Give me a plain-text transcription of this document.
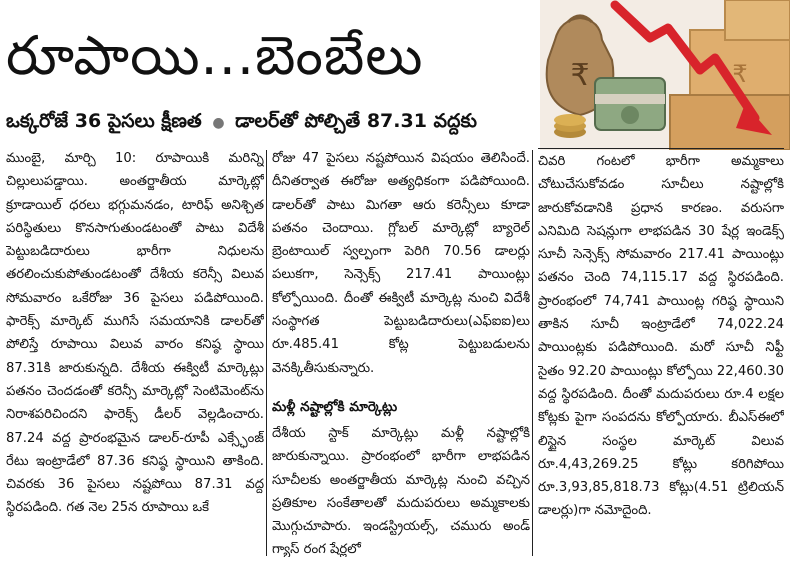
రూపాయి...బెంబేలు	₹	₹
ఒక్కరోజే 36 పైసలు క్షీణత ● డాలర్‌తో పోల్చితే 87.31 వద్దకు

ముంబై, మార్చి 10: రూపాయికి మరిన్ని చిల్లులుపడ్డాయి. అంతర్జాతీయ మార్కెట్లో క్రూడాయిల్ ధరలు భగ్గుమనడం, టారిఫ్ అనిశ్చిత పరిస్థితులు కొనసాగుతుండటంతో పాటు విదేశీ పెట్టుబడిదారులు భారీగా నిధులను తరలించుకుపోతుండటంతో దేశీయ కరెన్సీ విలువ సోమవారం ఒకేరోజు 36 పైసలు పడిపోయింది. ఫారెక్స్ మార్కెట్ ముగిసే సమయానికి డాలర్‌తో పోలిస్తే రూపాయి విలువ వారం కనిష్ఠ స్థాయి 87.31కి జారుకున్నది. దేశీయ ఈక్విటీ మార్కెట్లు పతనం చెందడంతో కరెన్సీ మార్కెట్లో సెంటిమెంట్‌ను నిరాశపరిచిందని ఫారెక్స్ డీలర్ వెల్లడించారు. 87.24 వద్ద ప్రారంభమైన డాలర్-రూపీ ఎక్స్ఛేంజ్ రేటు ఇంట్రాడేలో 87.36 కనిష్ఠ స్థాయిని తాకింది. చివరకు 36 పైసలు నష్టపోయి 87.31 వద్ద స్థిరపడింది. గత నెల 25న రూపాయి ఒకే

రోజు 47 పైసలు నష్టపోయిన విషయం తెలిసిందే. దీనితర్వాత ఈరోజు అత్యధికంగా పడిపోయింది. డాలర్‌తో పాటు మిగతా ఆరు కరెన్సీలు కూడా పతనం చెందాయి. గ్లోబల్ మార్కెట్లో బ్యారెల్ బ్రెంటాయిల్ స్వల్పంగా పెరిగి 70.56 డాలర్లు పలుకగా, సెన్సెక్స్ 217.41 పాయింట్లు కోల్పోయింది. దీంతో ఈక్విటీ మార్కెట్ల నుంచి విదేశీ సంస్థాగత పెట్టుబడిదారులు(ఎఫ్ఐఐ)లు రూ.485.41 కోట్ల పెట్టుబడులను వెనక్కితీసుకున్నారు.

మళ్లీ నష్టాల్లోకి మార్కెట్లు

దేశీయ స్టాక్ మార్కెట్లు మళ్లీ నష్టాల్లోకి జారుకున్నాయి. ప్రారంభంలో భారీగా లాభపడిన సూచీలకు అంతర్జాతీయ మార్కెట్ల నుంచి వచ్చిన ప్రతికూల సంకేతాలతో మదుపరులు అమ్మకాలకు మొగ్గుచూపారు. ఇండస్ట్రియల్స్, చమురు అండ్ గ్యాస్ రంగ షేర్లలో

చివరి గంటలో భారీగా అమ్మకాలు చోటుచేసుకోవడం సూచీలు నష్టాల్లోకి జారుకోవడానికి ప్రధాన కారణం. వరుసగా ఎనిమిది సెషన్లుగా లాభపడిన 30 షేర్ల ఇండెక్స్ సూచీ సెన్సెక్స్ సోమవారం 217.41 పాయింట్లు పతనం చెంది 74,115.17 వద్ద స్థిరపడింది. ప్రారంభంలో 74,741 పాయింట్ల గరిష్ఠ స్థాయిని తాకిన సూచీ ఇంట్రాడేలో 74,022.24 పాయింట్లకు పడిపోయింది. మరో సూచీ నిఫ్టీ సైతం 92.20 పాయింట్లు కోల్పోయి 22,460.30 వద్ద స్థిరపడింది. దీంతో మదుపరులు రూ.4 లక్షల కోట్లకు పైగా సంపదను కోల్పోయారు. బీఎస్ఈలో లిస్టైన సంస్థల మార్కెట్ విలువ రూ.4,43,269.25 కోట్లు కరిగిపోయి రూ.3,93,85,818.73 కోట్లు(4.51 ట్రిలియన్ డాలర్లు)గా నమోదైంది.
